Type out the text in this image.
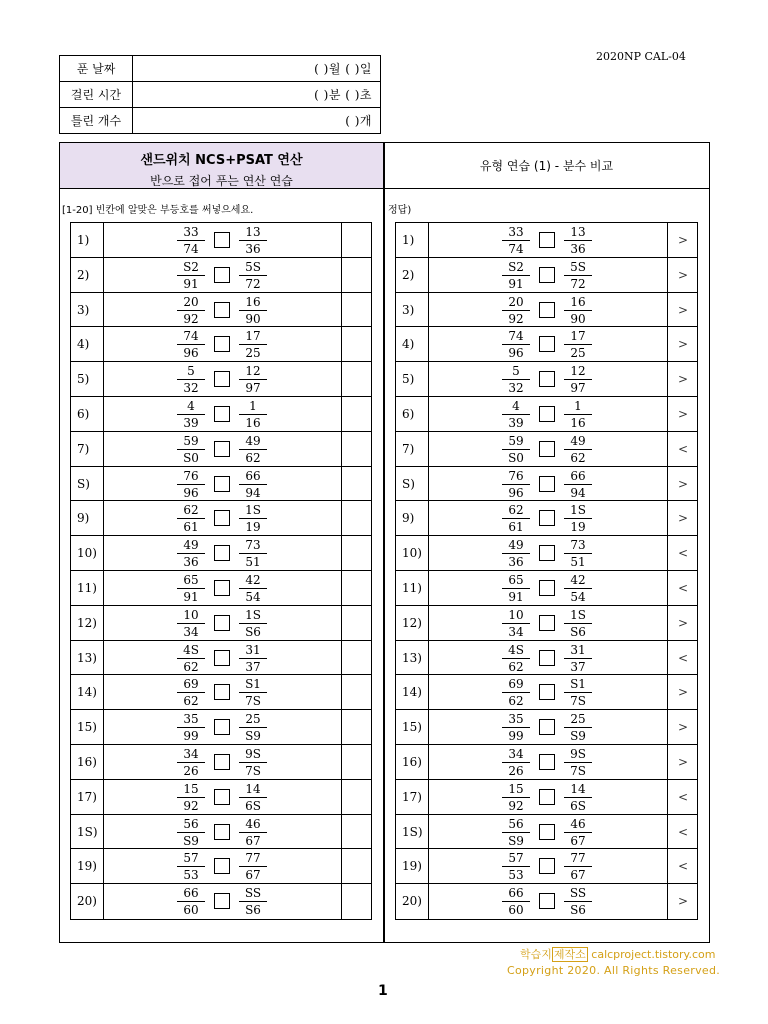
2020NP CAL-04
푼 날짜	( )월 ( )일
걸린 시간	( )분 ( )초
틀린 개수	( )개
샌드위치 NCS+PSAT 연산
반으로 접어 푸는 연산 연습
유형 연습 (1) - 분수 비교
[1-20] 빈칸에 알맞은 부등호를 써넣으세요.	정답)
1)	$\frac{33}{74}$	$\frac{13}{36}$
2)	$\frac{S2}{91}$	$\frac{5S}{72}$
3)	$\frac{20}{92}$	$\frac{16}{90}$
4)	$\frac{74}{96}$	$\frac{17}{25}$
5)	$\frac{5}{32}$	$\frac{12}{97}$
6)	$\frac{4}{39}$	$\frac{1}{16}$
7)	$\frac{59}{S0}$	$\frac{49}{62}$
S)	$\frac{76}{96}$	$\frac{66}{94}$
9)	$\frac{62}{61}$	$\frac{1S}{19}$
10)	$\frac{49}{36}$	$\frac{73}{51}$
11)	$\frac{65}{91}$	$\frac{42}{54}$
12)	$\frac{10}{34}$	$\frac{1S}{S6}$
13)	$\frac{4S}{62}$	$\frac{31}{37}$
14)	$\frac{69}{62}$	$\frac{S1}{7S}$
15)	$\frac{35}{99}$	$\frac{25}{S9}$
16)	$\frac{34}{26}$	$\frac{9S}{7S}$
17)	$\frac{15}{92}$	$\frac{14}{6S}$
1S)	$\frac{56}{S9}$	$\frac{46}{67}$
19)	$\frac{57}{53}$	$\frac{77}{67}$
20)	$\frac{66}{60}$	$\frac{SS}{S6}$
1)	$\frac{33}{74}$	$\frac{13}{36}$	>
2)	$\frac{S2}{91}$	$\frac{5S}{72}$	>
3)	$\frac{20}{92}$	$\frac{16}{90}$	>
4)	$\frac{74}{96}$	$\frac{17}{25}$	>
5)	$\frac{5}{32}$	$\frac{12}{97}$	>
6)	$\frac{4}{39}$	$\frac{1}{16}$	>
7)	$\frac{59}{S0}$	$\frac{49}{62}$	<
S)	$\frac{76}{96}$	$\frac{66}{94}$	>
9)	$\frac{62}{61}$	$\frac{1S}{19}$	>
10)	$\frac{49}{36}$	$\frac{73}{51}$	<
11)	$\frac{65}{91}$	$\frac{42}{54}$	<
12)	$\frac{10}{34}$	$\frac{1S}{S6}$	>
13)	$\frac{4S}{62}$	$\frac{31}{37}$	<
14)	$\frac{69}{62}$	$\frac{S1}{7S}$	>
15)	$\frac{35}{99}$	$\frac{25}{S9}$	>
16)	$\frac{34}{26}$	$\frac{9S}{7S}$	>
17)	$\frac{15}{92}$	$\frac{14}{6S}$	<
1S)	$\frac{56}{S9}$	$\frac{46}{67}$	<
19)	$\frac{57}{53}$	$\frac{77}{67}$	<
20)	$\frac{66}{60}$	$\frac{SS}{S6}$	>
학습지 제작소 calcproject.tistory.com
Copyright 2020. All Rights Reserved.
1
